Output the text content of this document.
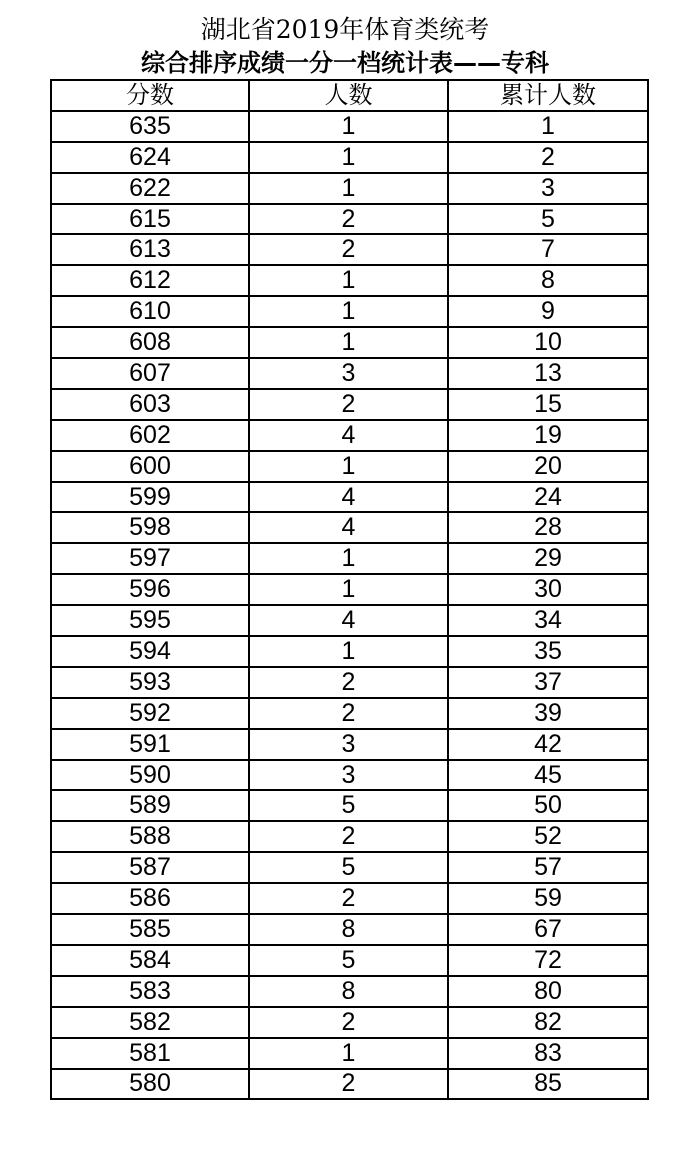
湖北省2019年体育类统考
综合排序成绩一分一档统计表——专科
分数	人数	累计人数
635	1	1
624	1	2
622	1	3
615	2	5
613	2	7
612	1	8
610	1	9
608	1	10
607	3	13
603	2	15
602	4	19
600	1	20
599	4	24
598	4	28
597	1	29
596	1	30
595	4	34
594	1	35
593	2	37
592	2	39
591	3	42
590	3	45
589	5	50
588	2	52
587	5	57
586	2	59
585	8	67
584	5	72
583	8	80
582	2	82
581	1	83
580	2	85
